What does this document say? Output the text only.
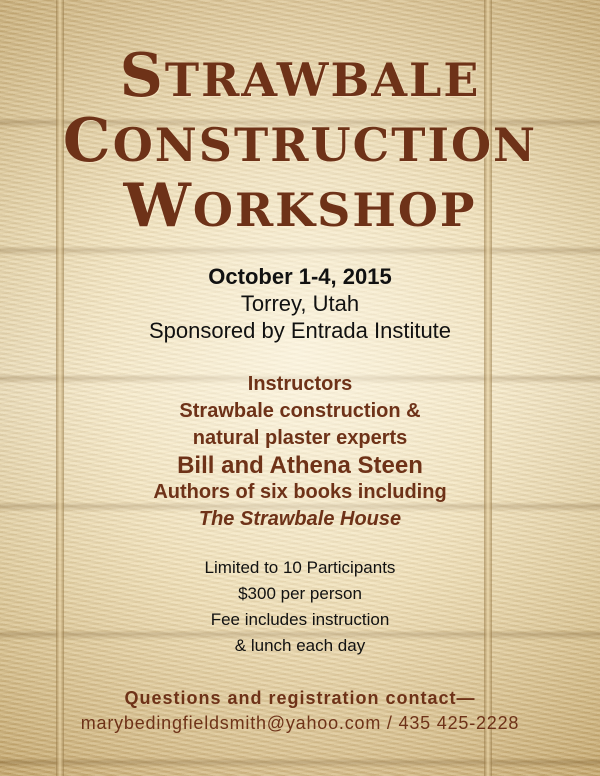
STRAWBALE
CONSTRUCTION
WORKSHOP
October 1-4, 2015
Torrey, Utah
Sponsored by Entrada Institute
Instructors
Strawbale construction &
natural plaster experts
Bill and Athena Steen
Authors of six books including
The Strawbale House
Limited to 10 Participants
$300 per person
Fee includes instruction
& lunch each day
Questions and registration contact—
marybedingfieldsmith@yahoo.com / 435 425-2228
